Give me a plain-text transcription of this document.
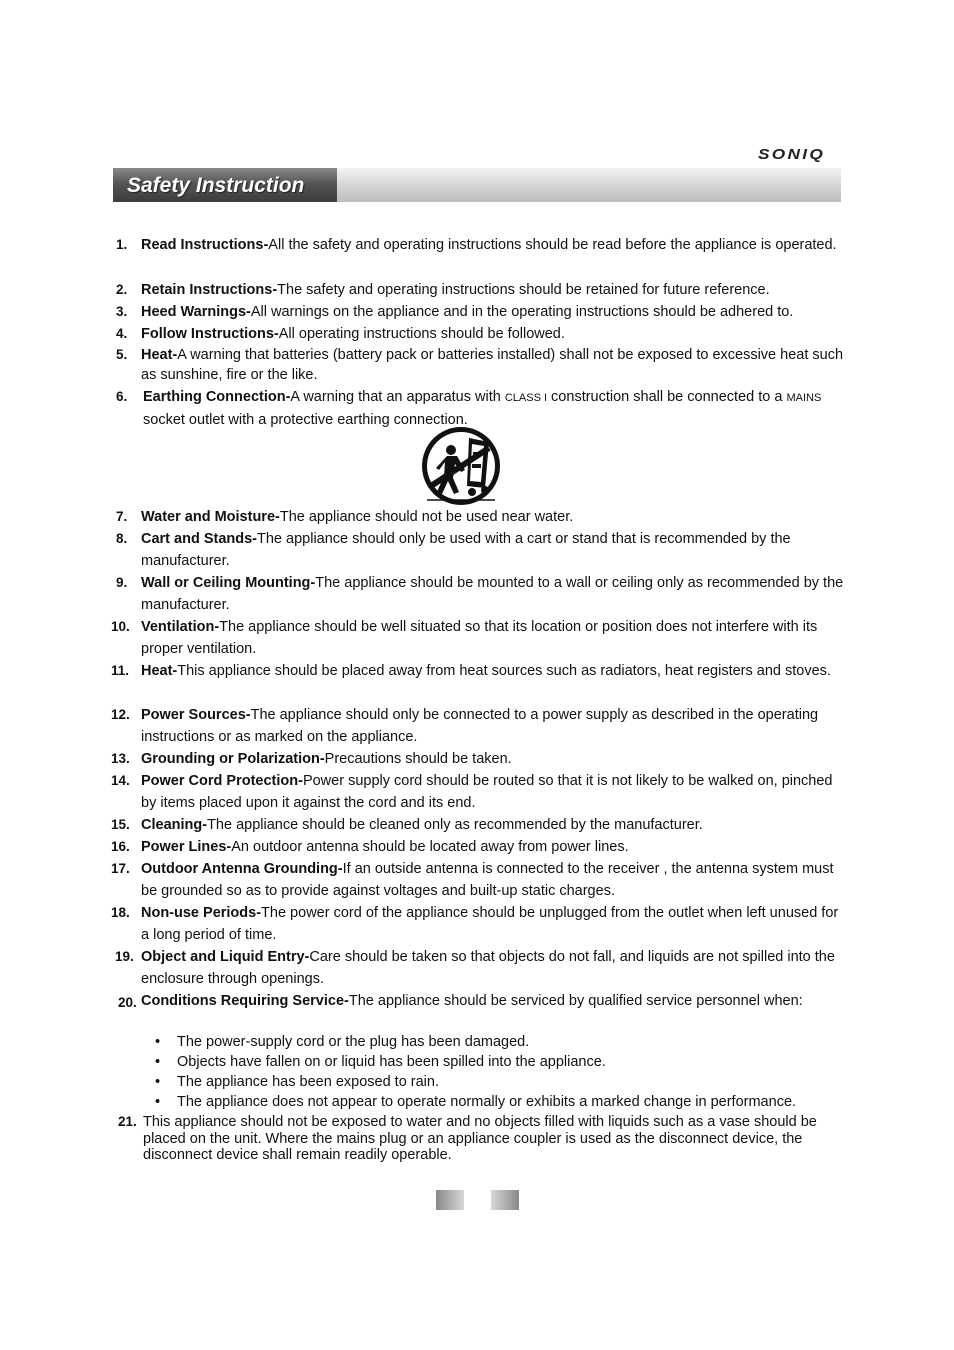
SONIQ
Safety Instruction
1. Read Instructions-All the safety and operating instructions should be read before the appliance is operated.
2. Retain Instructions-The safety and operating instructions should be retained for future reference.
3. Heed Warnings-All warnings on the appliance and in the operating instructions should be adhered to.
4. Follow Instructions-All operating instructions should be followed.
5. Heat-A warning that batteries (battery pack or batteries installed) shall not be exposed to excessive heat such as sunshine, fire or the like.
6.	Earthing Connection-A warning that an apparatus with CLASS I construction shall be connected to a MAINS socket outlet with a protective earthing connection.
7. Water and Moisture-The appliance should not be used near water.
8. Cart and Stands-The appliance should only be used with a cart or stand that is recommended by the manufacturer.
9. Wall or Ceiling Mounting-The appliance should be mounted to a wall or ceiling only as recommended by the manufacturer.
10. Ventilation-The appliance should be well situated so that its location or position does not interfere with its proper ventilation.
11. Heat-This appliance should be placed away from heat sources such as radiators, heat registers and stoves.
12. Power Sources-The appliance should only be connected to a power supply as described in the operating instructions or as marked on the appliance.
13. Grounding or Polarization-Precautions should be taken.
14. Power Cord Protection-Power supply cord should be routed so that it is not likely to be walked on, pinched by items placed upon it against the cord and its end.
15. Cleaning-The appliance should be cleaned only as recommended by the manufacturer.
16. Power Lines-An outdoor antenna should be located away from power lines.
17. Outdoor Antenna Grounding-If an outside antenna is connected to the receiver , the antenna system must be grounded so as to provide against voltages and built-up static charges.
18. Non-use Periods-The power cord of the appliance should be unplugged from the outlet when left unused for a long period of time.
19. Object and Liquid Entry-Care should be taken so that objects do not fall, and liquids are not spilled into the enclosure through openings.
20. Conditions Requiring Service-The appliance should be serviced by qualified service personnel when:
• The power-supply cord or the plug has been damaged.
• Objects have fallen on or liquid has been spilled into the appliance.
• The appliance has been exposed to rain.
• The appliance does not appear to operate normally or exhibits a marked change in performance.
21. This appliance should not be exposed to water and no objects filled with liquids such as a vase should be placed on the unit. Where the mains plug or an appliance coupler is used as the disconnect device, the disconnect device shall remain readily operable.
